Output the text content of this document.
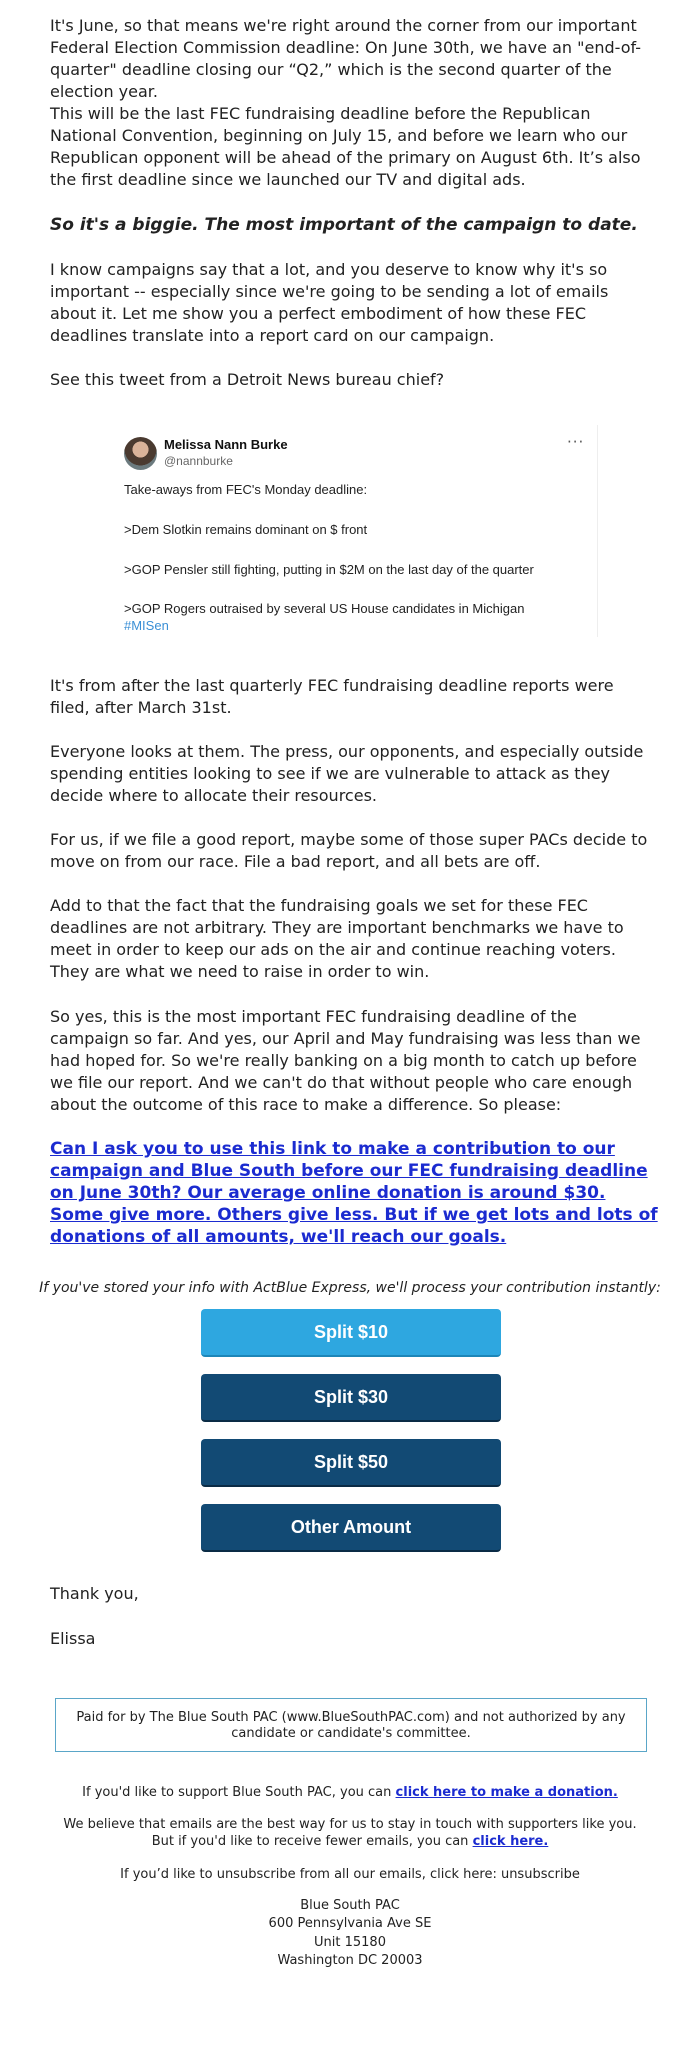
It's June, so that means we're right around the corner from our important Federal Election Commission deadline: On June 30th, we have an "end-of-quarter" deadline closing our “Q2,” which is the second quarter of the election year.

This will be the last FEC fundraising deadline before the Republican National Convention, beginning on July 15, and before we learn who our Republican opponent will be ahead of the primary on August 6th. It’s also the first deadline since we launched our TV and digital ads.

So it's a biggie. The most important of the campaign to date.

I know campaigns say that a lot, and you deserve to know why it's so important -- especially since we're going to be sending a lot of emails about it. Let me show you a perfect embodiment of how these FEC deadlines translate into a report card on our campaign.

See this tweet from a Detroit News bureau chief?

Melissa Nann Burke
@nannburke
···
Take-aways from FEC's Monday deadline:
>Dem Slotkin remains dominant on $ front
>GOP Pensler still fighting, putting in $2M on the last day of the quarter
>GOP Rogers outraised by several US House candidates in Michigan
#MISen

It's from after the last quarterly FEC fundraising deadline reports were filed, after March 31st.

Everyone looks at them. The press, our opponents, and especially outside spending entities looking to see if we are vulnerable to attack as they decide where to allocate their resources.

For us, if we file a good report, maybe some of those super PACs decide to move on from our race. File a bad report, and all bets are off.

Add to that the fact that the fundraising goals we set for these FEC deadlines are not arbitrary. They are important benchmarks we have to meet in order to keep our ads on the air and continue reaching voters. They are what we need to raise in order to win.

So yes, this is the most important FEC fundraising deadline of the campaign so far. And yes, our April and May fundraising was less than we had hoped for. So we're really banking on a big month to catch up before we file our report. And we can't do that without people who care enough about the outcome of this race to make a difference. So please:

Can I ask you to use this link to make a contribution to our campaign and Blue South before our FEC fundraising deadline on June 30th? Our average online donation is around $30. Some give more. Others give less. But if we get lots and lots of donations of all amounts, we'll reach our goals.

If you've stored your info with ActBlue Express, we'll process your contribution instantly:
Split $10
Split $30
Split $50
Other Amount
Thank you,
Elissa
Paid for by The Blue South PAC (www.BlueSouthPAC.com) and not authorized by any candidate or candidate's committee.
If you'd like to support Blue South PAC, you can click here to make a donation.
We believe that emails are the best way for us to stay in touch with supporters like you. But if you'd like to receive fewer emails, you can click here.
If you’d like to unsubscribe from all our emails, click here: unsubscribe
Blue South PAC
600 Pennsylvania Ave SE
Unit 15180
Washington DC 20003
